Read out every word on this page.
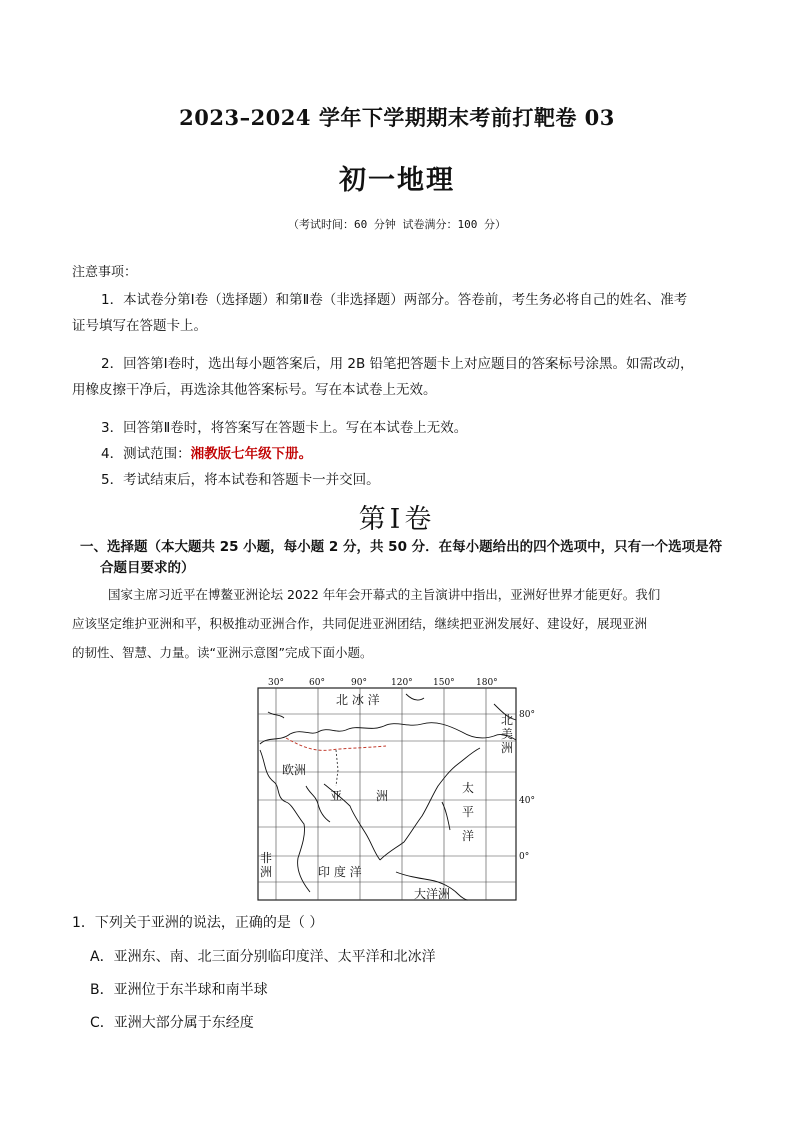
2023–2024 学年下学期期末考前打靶卷 03
初一地理
（考试时间：60 分钟 试卷满分：100 分）
注意事项：
1．本试卷分第Ⅰ卷（选择题）和第Ⅱ卷（非选择题）两部分。答卷前，考生务必将自己的姓名、准考
证号填写在答题卡上。
2．回答第Ⅰ卷时，选出每小题答案后，用 2B 铅笔把答题卡上对应题目的答案标号涂黑。如需改动，
用橡皮擦干净后，再选涂其他答案标号。写在本试卷上无效。
3．回答第Ⅱ卷时，将答案写在答题卡上。写在本试卷上无效。
4．测试范围：湘教版七年级下册。
5．考试结束后，将本试卷和答题卡一并交回。
第Ⅰ卷
一、选择题（本大题共 25 小题，每小题 2 分，共 50 分．在每小题给出的四个选项中，只有一个选项是符
合题目要求的）
国家主席习近平在博鳌亚洲论坛 2022 年年会开幕式的主旨演讲中指出，亚洲好世界才能更好。我们
应该坚定维护亚洲和平，积极推动亚洲合作，共同促进亚洲团结，继续把亚洲发展好、建设好，展现亚洲
的韧性、智慧、力量。读“亚洲示意图”完成下面小题。
30°	60°	90°	120° 150° 180°
80°
40°
0°
北 冰 洋
北
美
洲
欧洲
亚	洲
太
平
洋
非
洲	印 度 洋
大洋洲
1．下列关于亚洲的说法，正确的是（ ）
A．亚洲东、南、北三面分别临印度洋、太平洋和北冰洋
B．亚洲位于东半球和南半球
C．亚洲大部分属于东经度
